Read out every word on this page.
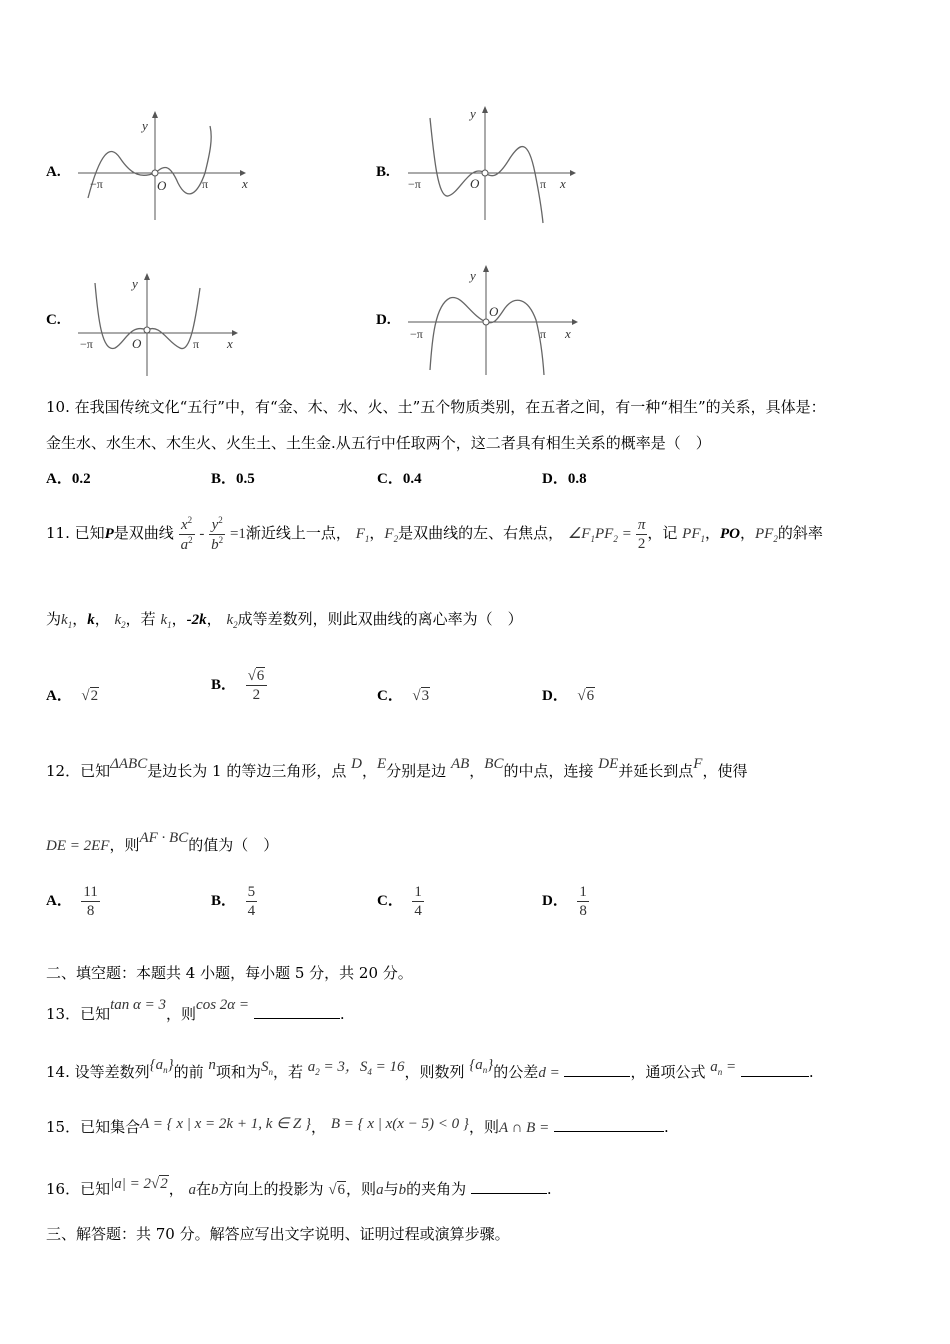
A.
y
x
O
−π	π
B.
y
x
O
−π	π
C.
y
x
O
−π	π
D.
y
x
O
−π	π
10. 在我国传统文化“五行”中，有“金、木、水、火、土”五个物质类别，在五者之间，有一种“相生”的关系，具体是：
金生水、水生木、木生火、火生土、土生金.从五行中任取两个，这二者具有相生关系的概率是（　）
A．0.2	B．0.5	C．0.4	D．0.8
11. 已知P是双曲线 $\frac{x^2}{a^2} - \frac{y^2}{b^2} =1$渐近线上一点， $F_1$，$F_2$是双曲线的左、右焦点， $\angle F_1PF_2 = \frac{\pi}{2}$ ，记 $PF_1$，PO，$PF_2$的斜率
为$k_1$，k， $k_2$，若 $k_1$，-2k， $k_2$成等差数列，则此双曲线的离心率为（　）
A． √2
B． $\frac{√6}{2}$	C． √3	D． √6
12．已知ΔABC是边长为 1 的等边三角形，点 D，E分别是边 AB，BC的中点，连接 DE并延长到点F，使得
DE = 2EF，则AF · BC的值为（　）
A． $\frac{11}{8}$	B． $\frac{5}{4}$	C． $\frac{1}{4}$	D． $\frac{1}{8}$
二、填空题：本题共 4 小题，每小题 5 分，共 20 分。
13．已知tan α = 3，则cos 2α =	.
14. 设等差数列$\{a_n\}$的前 n项和为$S_n$，若 $a_2 = 3$，$S_4 = 16$，则数列 $\{a_n\}$的公差d =	，通项公式 $a_n$ =	.
15．已知集合A = { x | x = 2k + 1, k ∈ Z }， B = { x | x(x − 5) < 0 }，则A ∩ B =	.
16．已知|a| = 2√2， a在b方向上的投影为 √6，则a与b的夹角为	.
三、解答题：共 70 分。解答应写出文字说明、证明过程或演算步骤。
